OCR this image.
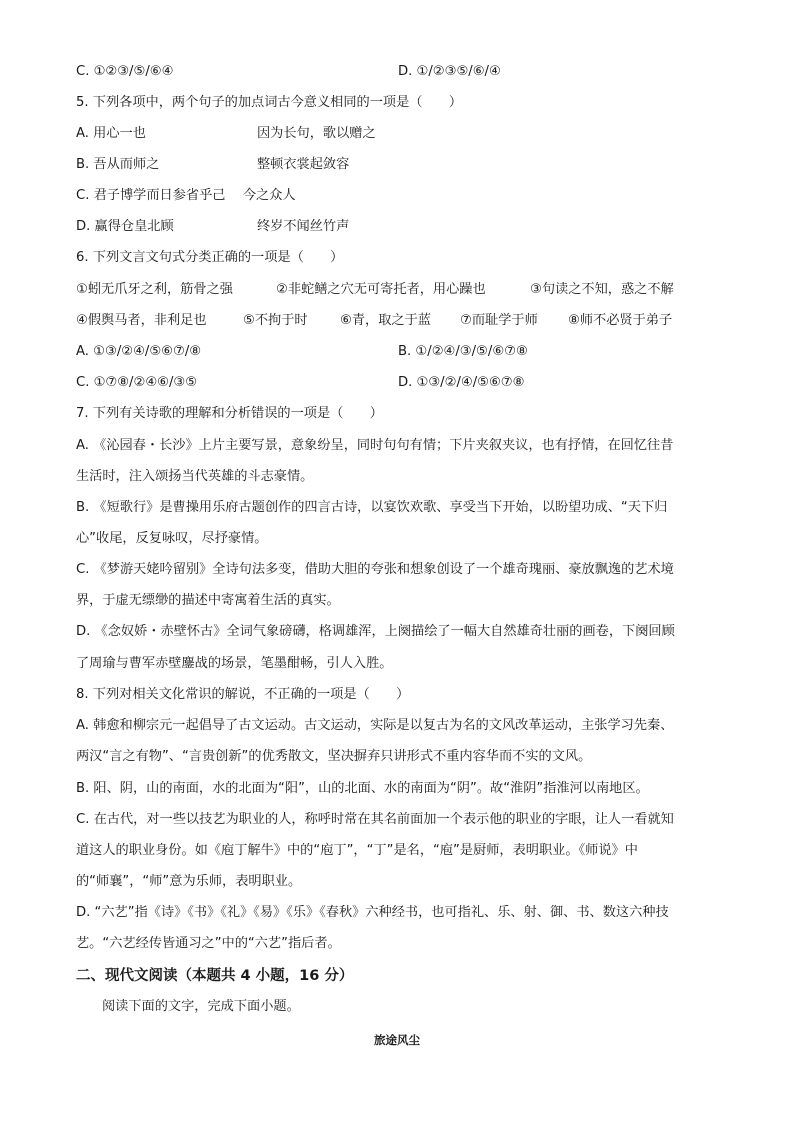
C. ①②③/⑤/⑥④	D. ①/②③⑤/⑥/④
5. 下列各项中，两个句子的加点词古今意义相同的一项是（　　）
A. 用心一也	因为长句，歌以赠之
B. 吾从而师之	整顿衣裳起敛容
C. 君子博学而日参省乎己　 今之众人
D. 赢得仓皇北顾	终岁不闻丝竹声
6. 下列文言文句式分类正确的一项是（　　）
①蚓无爪牙之利，筋骨之强	②非蛇鳝之穴无可寄托者，用心躁也	③句读之不知，惑之不解
④假舆马者，非利足也	⑤不拘于时 ⑥青，取之于蓝 ⑦而耻学于师 ⑧师不必贤于弟子
A. ①③/②④/⑤⑥⑦/⑧	B. ①/②④/③/⑤/⑥⑦⑧
C. ①⑦⑧/②④⑥/③⑤	D. ①③/②/④/⑤⑥⑦⑧
7. 下列有关诗歌的理解和分析错误的一项是（　　）
A. 《沁园春・长沙》上片主要写景，意象纷呈，同时句句有情；下片夹叙夹议，也有抒情，在回忆往昔
生活时，注入颂扬当代英雄的斗志豪情。
B. 《短歌行》是曹操用乐府古题创作的四言古诗，以宴饮欢歌、享受当下开始，以盼望功成、“天下归
心”收尾，反复咏叹，尽抒豪情。
C. 《梦游天姥吟留别》全诗句法多变，借助大胆的夸张和想象创设了一个雄奇瑰丽、豪放飘逸的艺术境
界，于虚无缥缈的描述中寄寓着生活的真实。
D. 《念奴娇・赤壁怀古》全词气象磅礴，格调雄浑，上阕描绘了一幅大自然雄奇壮丽的画卷，下阕回顾
了周瑜与曹军赤壁鏖战的场景，笔墨酣畅，引人入胜。
8. 下列对相关文化常识的解说，不正确的一项是（　　）
A. 韩愈和柳宗元一起倡导了古文运动。古文运动，实际是以复古为名的文风改革运动，主张学习先秦、
两汉“言之有物”、“言贵创新”的优秀散文，坚决摒弃只讲形式不重内容华而不实的文风。
B. 阳、阴，山的南面，水的北面为“阳”，山的北面、水的南面为“阴”。故“淮阴”指淮河以南地区。
C. 在古代，对一些以技艺为职业的人，称呼时常在其名前面加一个表示他的职业的字眼，让人一看就知
道这人的职业身份。如《庖丁解牛》中的“庖丁”，“丁”是名，“庖”是厨师，表明职业。《师说》中
的“师襄”，“师”意为乐师，表明职业。
D. “六艺”指《诗》《书》《礼》《易》《乐》《春秋》六种经书，也可指礼、乐、射、御、书、数这六种技
艺。“六艺经传皆通习之”中的“六艺”指后者。
二、现代文阅读（本题共 4 小题，16 分）
阅读下面的文字，完成下面小题。
旅途风尘
